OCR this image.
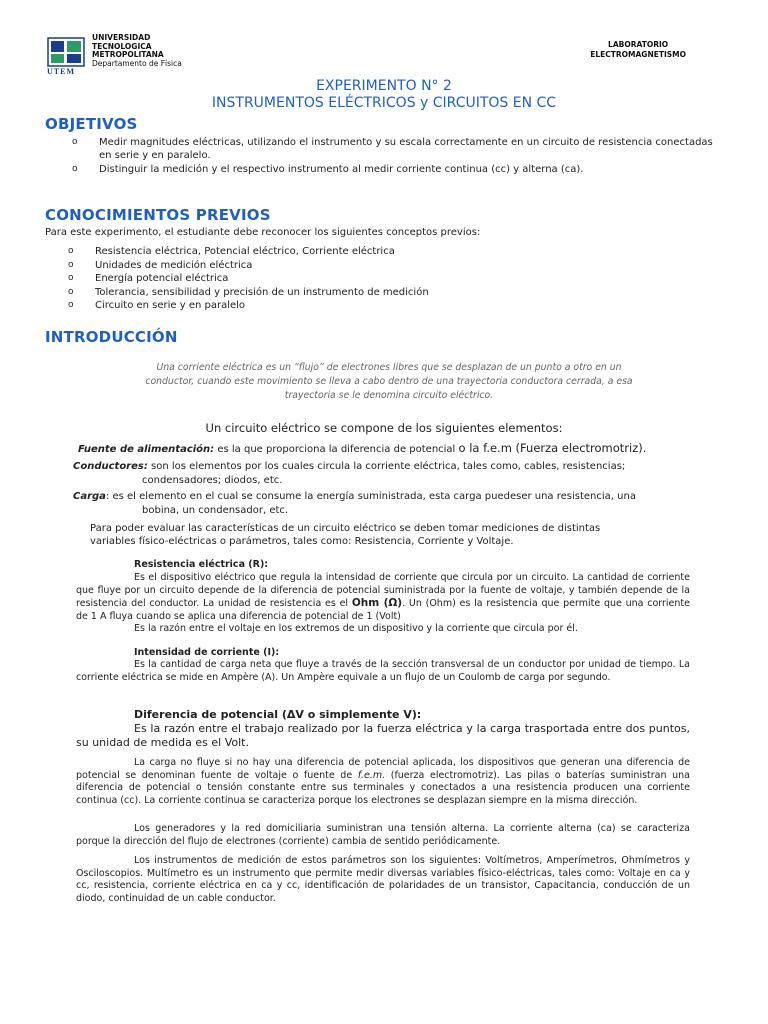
UTEM
UNIVERSIDAD
TECNOLOGICA
METROPOLITANA
Departamento de Física
LABORATORIO
ELECTROMAGNETISMO
EXPERIMENTO N° 2
INSTRUMENTOS ELÉCTRICOS y CIRCUITOS EN CC
OBJETIVOS
o Medir magnitudes eléctricas, utilizando el instrumento y su escala correctamente en un circuito de resistencia conectadas en serie y en paralelo.
o Distinguir la medición y el respectivo instrumento al medir corriente continua (cc) y alterna (ca).
CONOCIMIENTOS PREVIOS
Para este experimento, el estudiante debe reconocer los siguientes conceptos previos:
o Resistencia eléctrica, Potencial eléctrico, Corriente eléctrica
o Unidades de medición eléctrica
o Energía potencial eléctrica
o Tolerancia, sensibilidad y precisión de un instrumento de medición
o Circuito en serie y en paralelo
INTRODUCCIÓN
Una corriente eléctrica es un “flujo” de electrones libres que se desplazan de un punto a otro en un
conductor, cuando este movimiento se lleva a cabo dentro de una trayectoria conductora cerrada, a esa
trayectoria se le denomina circuito eléctrico.
Un circuito eléctrico se compone de los siguientes elementos:
Fuente de alimentación: es la que proporciona la diferencia de potencial o la f.e.m (Fuerza electromotriz).
Conductores: son los elementos por los cuales circula la corriente eléctrica, tales como, cables, resistencias;
condensadores; diodos, etc.
Carga: es el elemento en el cual se consume la energía suministrada, esta carga puedeser una resistencia, una
bobina, un condensador, etc.
Para poder evaluar las características de un circuito eléctrico se deben tomar mediciones de distintas variables físico-eléctricas o parámetros, tales como: Resistencia, Corriente y Voltaje.
Resistencia eléctrica (R):
Es el dispositivo eléctrico que regula la intensidad de corriente que circula por un circuito. La cantidad de corriente que fluye por un circuito depende de la diferencia de potencial suministrada por la fuente de voltaje, y también depende de la resistencia del conductor. La unidad de resistencia es el Ohm (Ω). Un (Ohm) es la resistencia que permite que una corriente de 1 A fluya cuando se aplica una diferencia de potencial de 1 (Volt)
Es la razón entre el voltaje en los extremos de un dispositivo y la corriente que circula por él.
Intensidad de corriente (I):
Es la cantidad de carga neta que fluye a través de la sección transversal de un conductor por unidad de tiempo. La corriente eléctrica se mide en Ampère (A). Un Ampère equivale a un flujo de un Coulomb de carga por segundo.
Diferencia de potencial (ΔV o simplemente V):
Es la razón entre el trabajo realizado por la fuerza eléctrica y la carga trasportada entre dos puntos, su unidad de medida es el Volt.
La carga no fluye si no hay una diferencia de potencial aplicada, los dispositivos que generan una diferencia de potencial se denominan fuente de voltaje o fuente de f.e.m. (fuerza electromotriz). Las pilas o baterías suministran una diferencia de potencial o tensión constante entre sus terminales y conectados a una resistencia producen una corriente continua (cc). La corriente continua se caracteriza porque los electrones se desplazan siempre en la misma dirección.
Los generadores y la red domiciliaria suministran una tensión alterna. La corriente alterna (ca) se caracteriza porque la dirección del flujo de electrones (corriente) cambia de sentido periódicamente.
Los instrumentos de medición de estos parámetros son los siguientes: Voltímetros, Amperímetros, Ohmímetros y Osciloscopios. Multímetro es un instrumento que permite medir diversas variables físico-eléctricas, tales como: Voltaje en ca y cc, resistencia, corriente eléctrica en ca y cc, identificación de polaridades de un transistor, Capacitancia, conducción de un diodo, continuidad de un cable conductor.
